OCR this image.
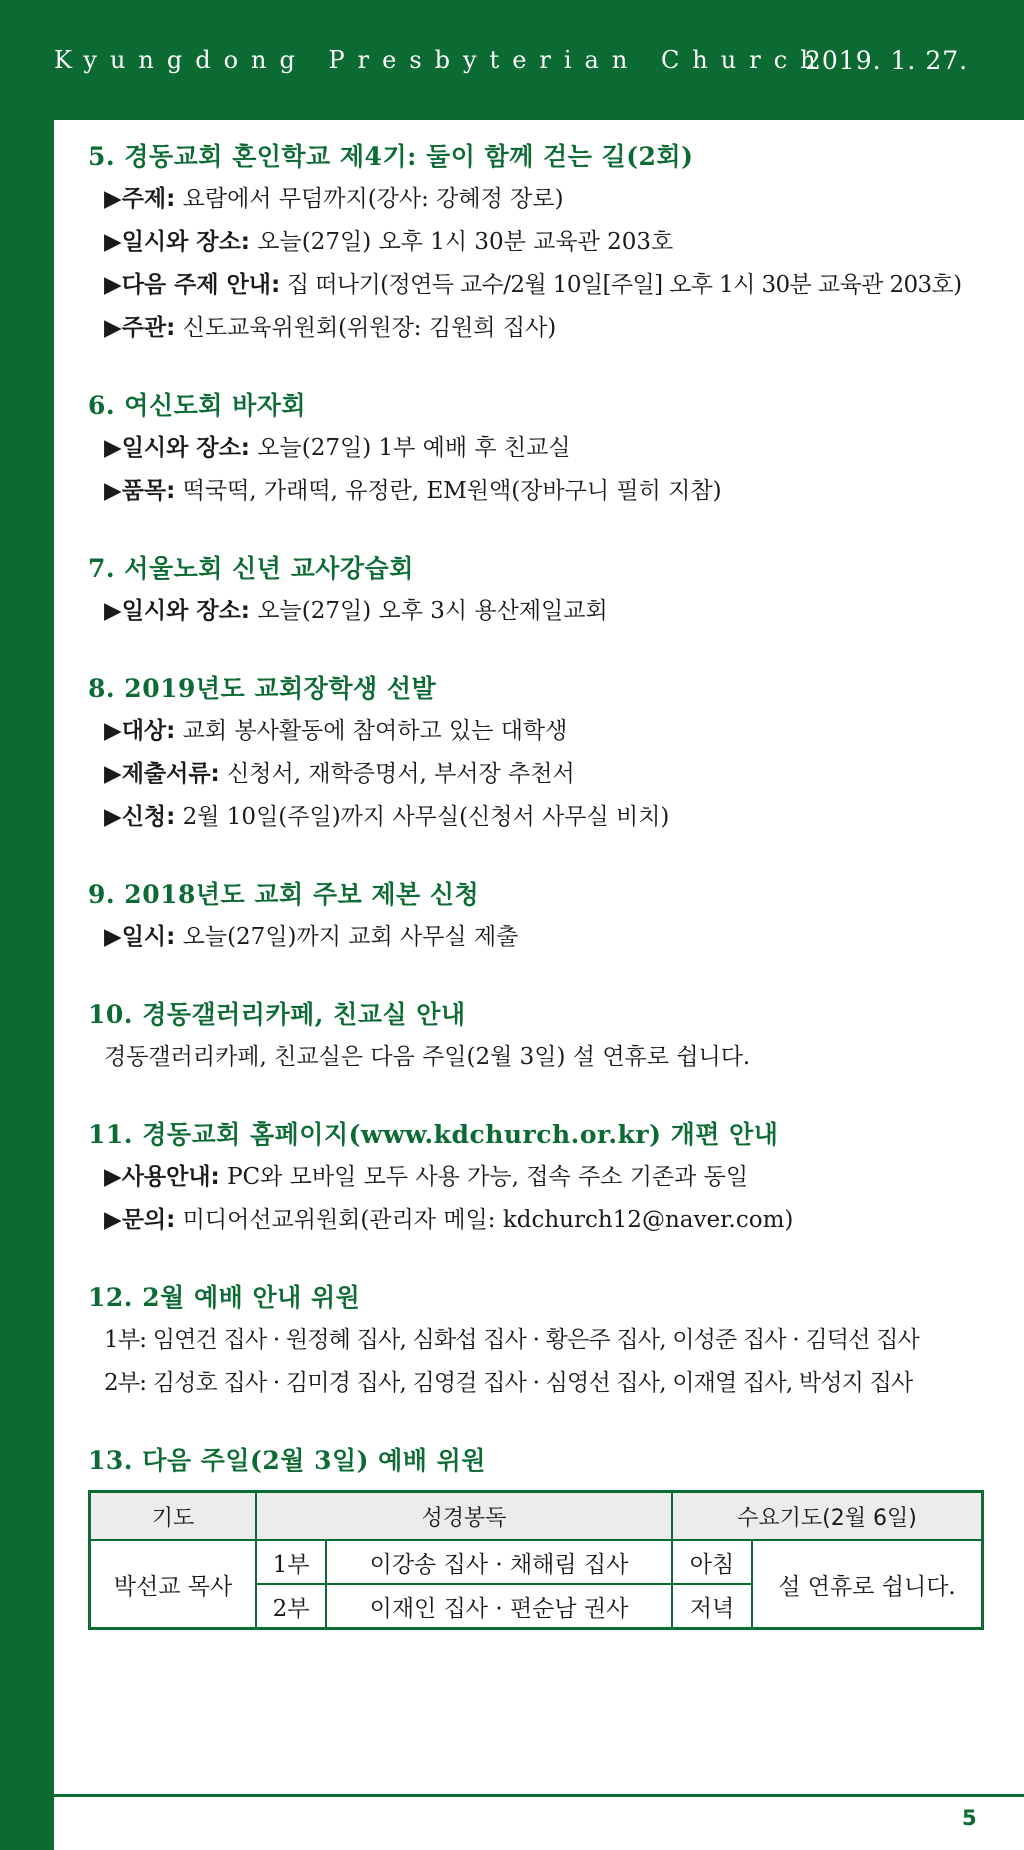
Kyungdong Presbyterian Church
2019. 1. 27.
5. 경동교회 혼인학교 제4기: 둘이 함께 걷는 길(2회)
▶주제: 요람에서 무덤까지(강사: 강혜정 장로)
▶일시와 장소: 오늘(27일) 오후 1시 30분 교육관 203호
▶다음 주제 안내: 집 떠나기(정연득 교수/2월 10일[주일] 오후 1시 30분 교육관 203호)
▶주관: 신도교육위원회(위원장: 김원희 집사)
6. 여신도회 바자회
▶일시와 장소: 오늘(27일) 1부 예배 후 친교실
▶품목: 떡국떡, 가래떡, 유정란, EM원액(장바구니 필히 지참)
7. 서울노회 신년 교사강습회
▶일시와 장소: 오늘(27일) 오후 3시 용산제일교회
8. 2019년도 교회장학생 선발
▶대상: 교회 봉사활동에 참여하고 있는 대학생
▶제출서류: 신청서, 재학증명서, 부서장 추천서
▶신청: 2월 10일(주일)까지 사무실(신청서 사무실 비치)
9. 2018년도 교회 주보 제본 신청
▶일시: 오늘(27일)까지 교회 사무실 제출
10. 경동갤러리카페, 친교실 안내
경동갤러리카페, 친교실은 다음 주일(2월 3일) 설 연휴로 쉽니다.
11. 경동교회 홈페이지(www.kdchurch.or.kr) 개편 안내
▶사용안내: PC와 모바일 모두 사용 가능, 접속 주소 기존과 동일
▶문의: 미디어선교위원회(관리자 메일: kdchurch12@naver.com)
12. 2월 예배 안내 위원
1부: 임연건 집사 · 원정혜 집사, 심화섭 집사 · 황은주 집사, 이성준 집사 · 김덕선 집사
2부: 김성호 집사 · 김미경 집사, 김영걸 집사 · 심영선 집사, 이재열 집사, 박성지 집사
13. 다음 주일(2월 3일) 예배 위원
기도	성경봉독		수요기도(2월 6일)	
박선교 목사	1부	이강송 집사 · 채해림 집사	아침	설 연휴로 쉽니다.
	2부	이재인 집사 · 편순남 권사	저녁	
5
